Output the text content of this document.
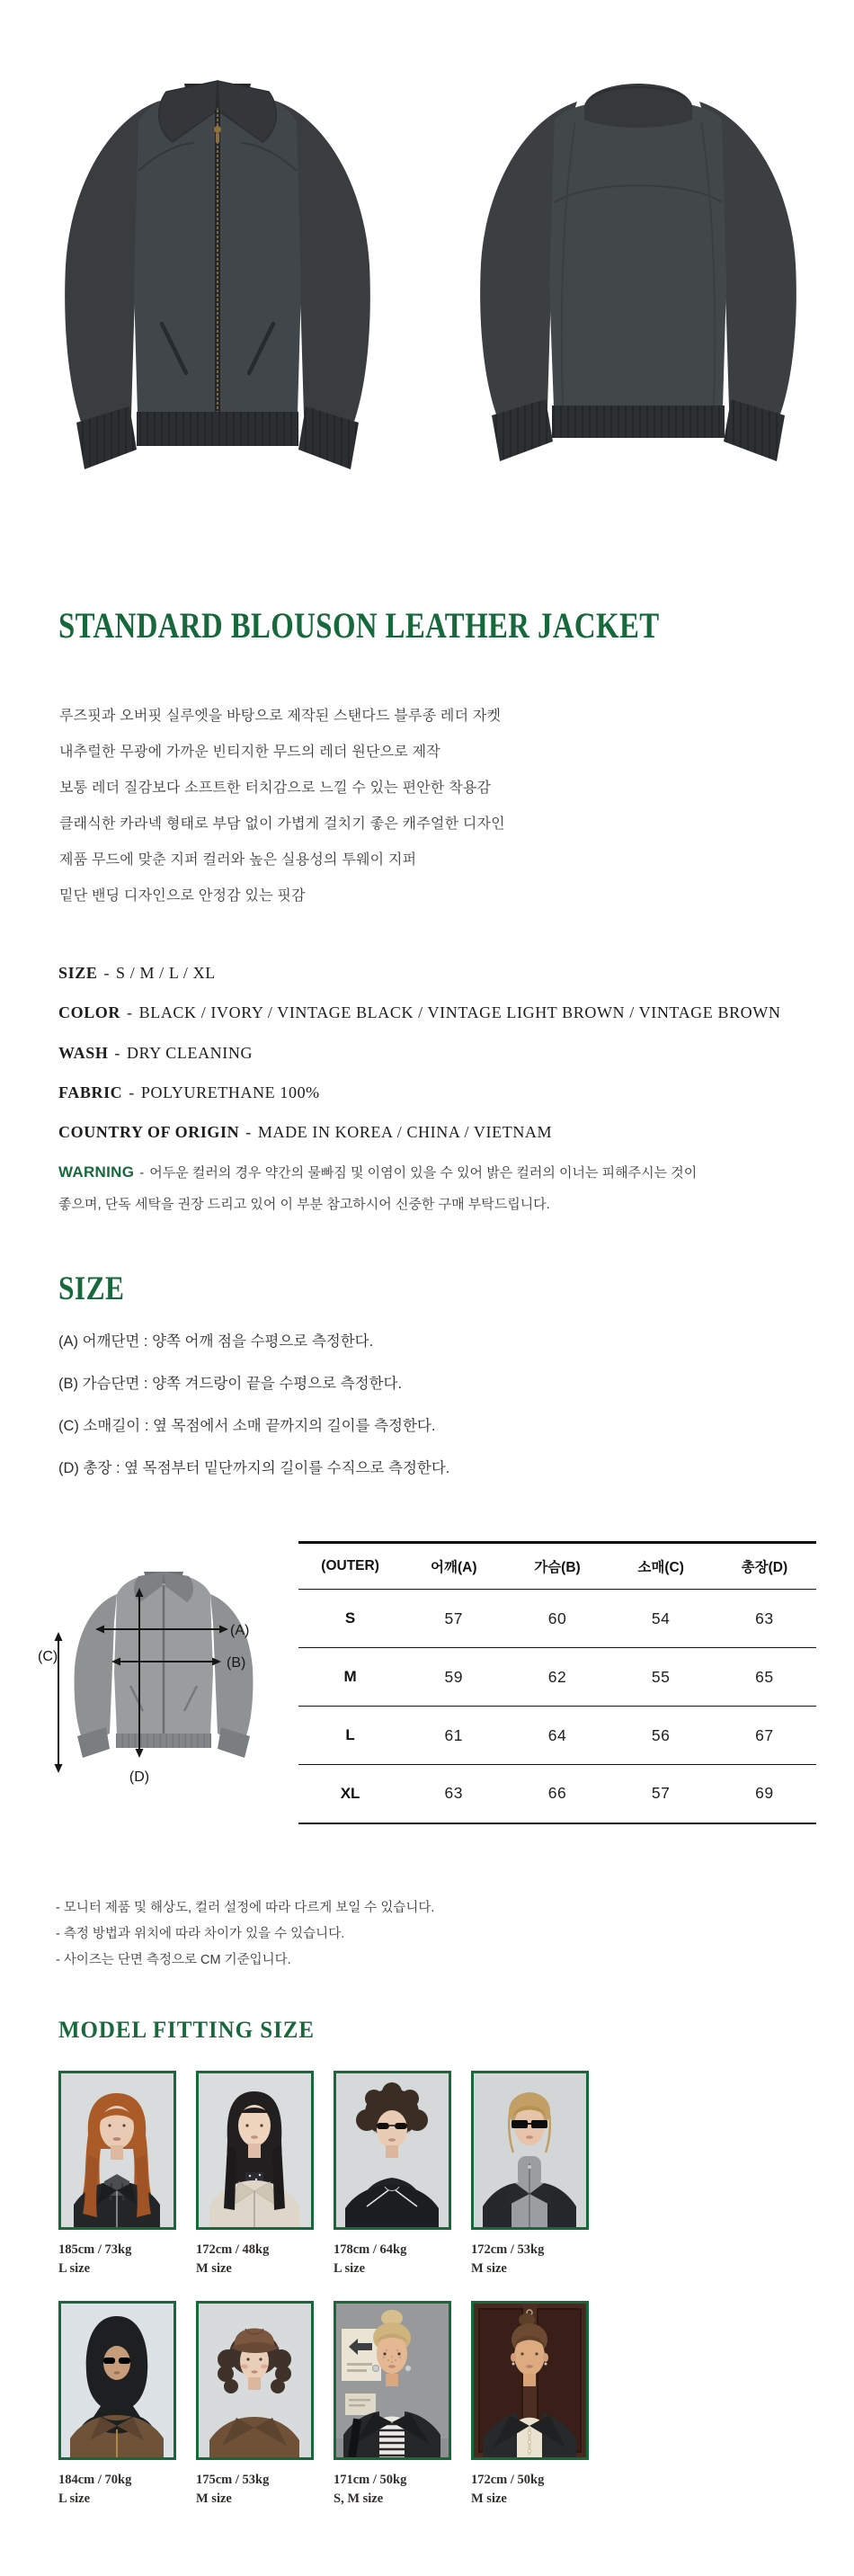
STANDARD BLOUSON LEATHER JACKET

루즈핏과 오버핏 실루엣을 바탕으로 제작된 스탠다드 블루종 레더 자켓

내추럴한 무광에 가까운 빈티지한 무드의 레더 원단으로 제작

보통 레더 질감보다 소프트한 터치감으로 느낄 수 있는 편안한 착용감

클래식한 카라넥 형태로 부담 없이 가볍게 걸치기 좋은 캐주얼한 디자인

제품 무드에 맞춘 지퍼 컬러와 높은 실용성의 투웨이 지퍼

밑단 밴딩 디자인으로 안정감 있는 핏감

SIZE - S / M / L / XL

COLOR - BLACK / IVORY / VINTAGE BLACK / VINTAGE LIGHT BROWN / VINTAGE BROWN

WASH - DRY CLEANING

FABRIC - POLYURETHANE 100%

COUNTRY OF ORIGIN - MADE IN KOREA / CHINA / VIETNAM

WARNING - 어두운 컬러의 경우 약간의 물빠짐 및 이염이 있을 수 있어 밝은 컬러의 이너는 피해주시는 것이
좋으며, 단독 세탁을 권장 드리고 있어 이 부분 참고하시어 신중한 구매 부탁드립니다.

SIZE

(A) 어깨단면 : 양쪽 어깨 점을 수평으로 측정한다.

(B) 가슴단면 : 양쪽 겨드랑이 끝을 수평으로 측정한다.

(C) 소매길이 : 옆 목점에서 소매 끝까지의 길이를 측정한다.

(D) 총장 : 옆 목점부터 밑단까지의 길이를 수직으로 측정한다.

(A)
(B)
(C)
(D)
(OUTER)	어깨(A)	가슴(B)	소매(C)	총장(D)
S	57	60	54	63
M	59	62	55	65
L	61	64	56	67
XL	63	66	57	69

- 모니터 제품 및 해상도, 컬러 설정에 따라 다르게 보일 수 있습니다.

- 측정 방법과 위치에 따라 차이가 있을 수 있습니다.

- 사이즈는 단면 측정으로 CM 기준입니다.

MODEL FITTING SIZE
185cm / 73kg
L size
172cm / 48kg
M size
178cm / 64kg
L size
172cm / 53kg
M size
184cm / 70kg
L size
175cm / 53kg
M size
171cm / 50kg
S, M size
172cm / 50kg
M size
